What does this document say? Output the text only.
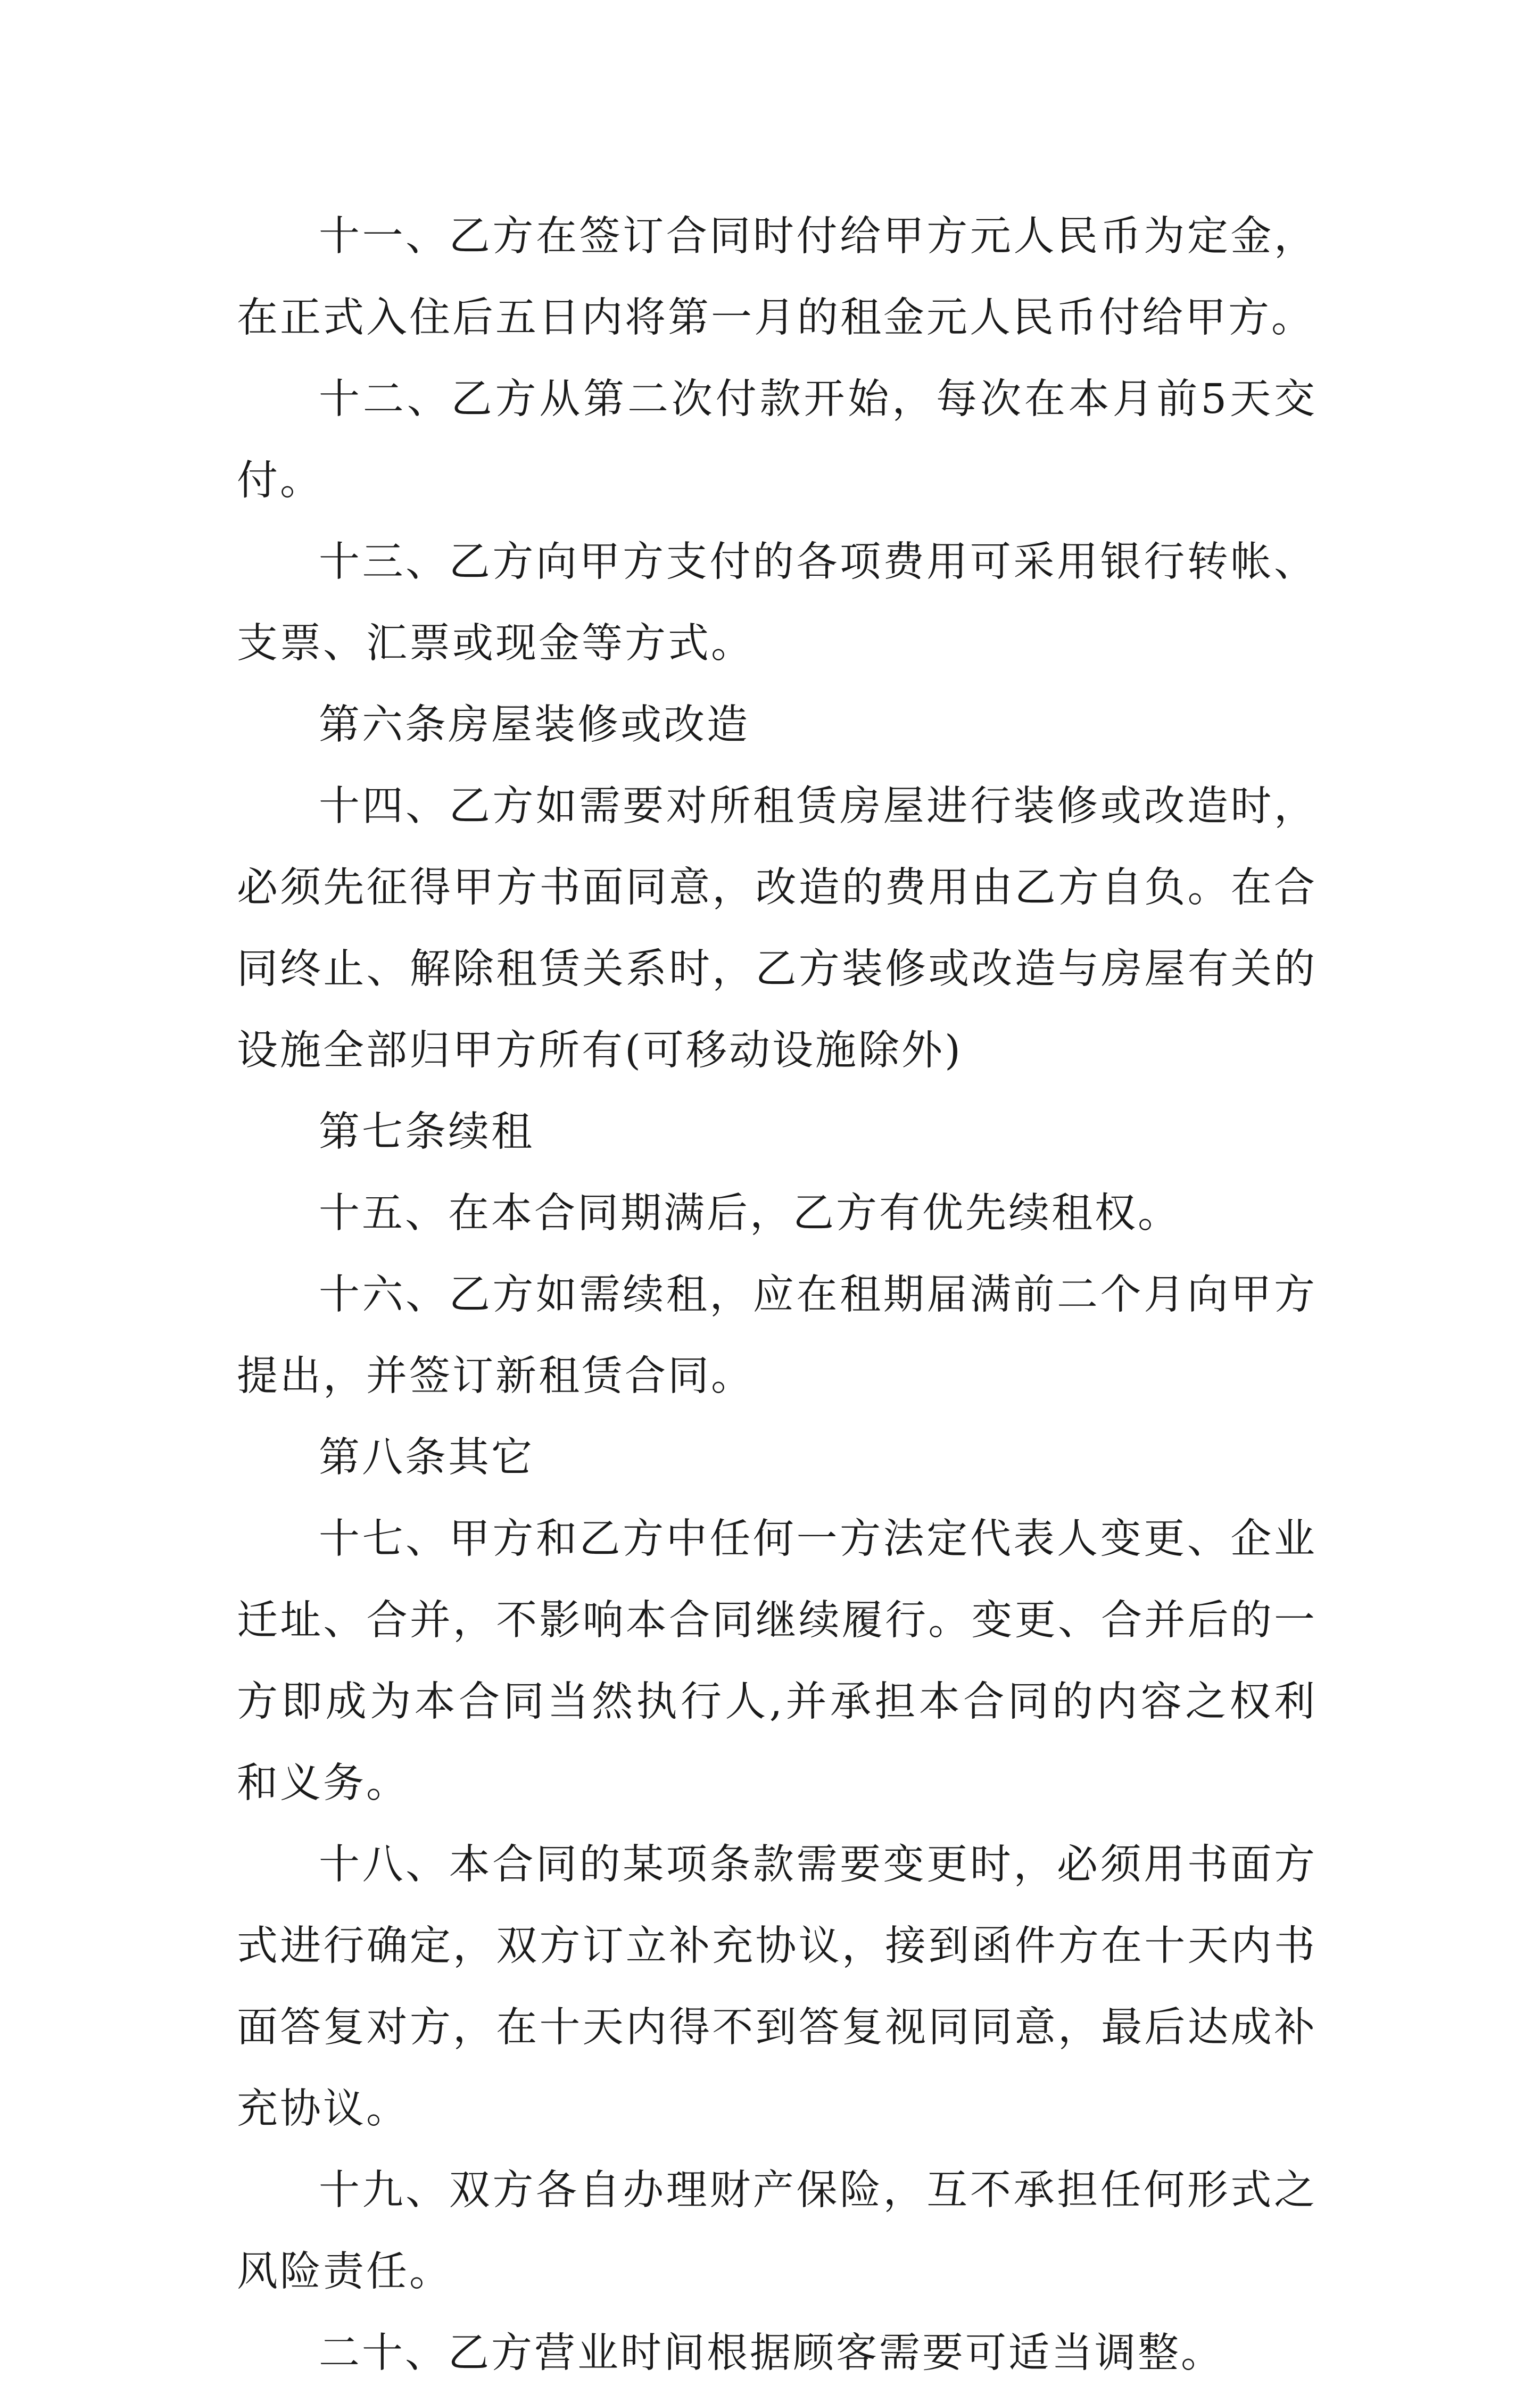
十一、乙方在签订合同时付给甲方元人民币为定金，在正式入住后五日内将第一月的租金元人民币付给甲方。

十二、乙方从第二次付款开始，每次在本月前5天交付。

十三、乙方向甲方支付的各项费用可采用银行转帐、支票、汇票或现金等方式。

第六条房屋装修或改造

十四、乙方如需要对所租赁房屋进行装修或改造时，必须先征得甲方书面同意，改造的费用由乙方自负。在合同终止、解除租赁关系时，乙方装修或改造与房屋有关的设施全部归甲方所有(可移动设施除外)

第七条续租

十五、在本合同期满后，乙方有优先续租权。

十六、乙方如需续租，应在租期届满前二个月向甲方提出，并签订新租赁合同。

第八条其它

十七、甲方和乙方中任何一方法定代表人变更、企业迁址、合并，不影响本合同继续履行。变更、合并后的一方即成为本合同当然执行人,并承担本合同的内容之权利和义务。

十八、本合同的某项条款需要变更时，必须用书面方式进行确定，双方订立补充协议，接到函件方在十天内书面答复对方，在十天内得不到答复视同同意，最后达成补充协议。

十九、双方各自办理财产保险，互不承担任何形式之风险责任。

二十、乙方营业时间根据顾客需要可适当调整。
